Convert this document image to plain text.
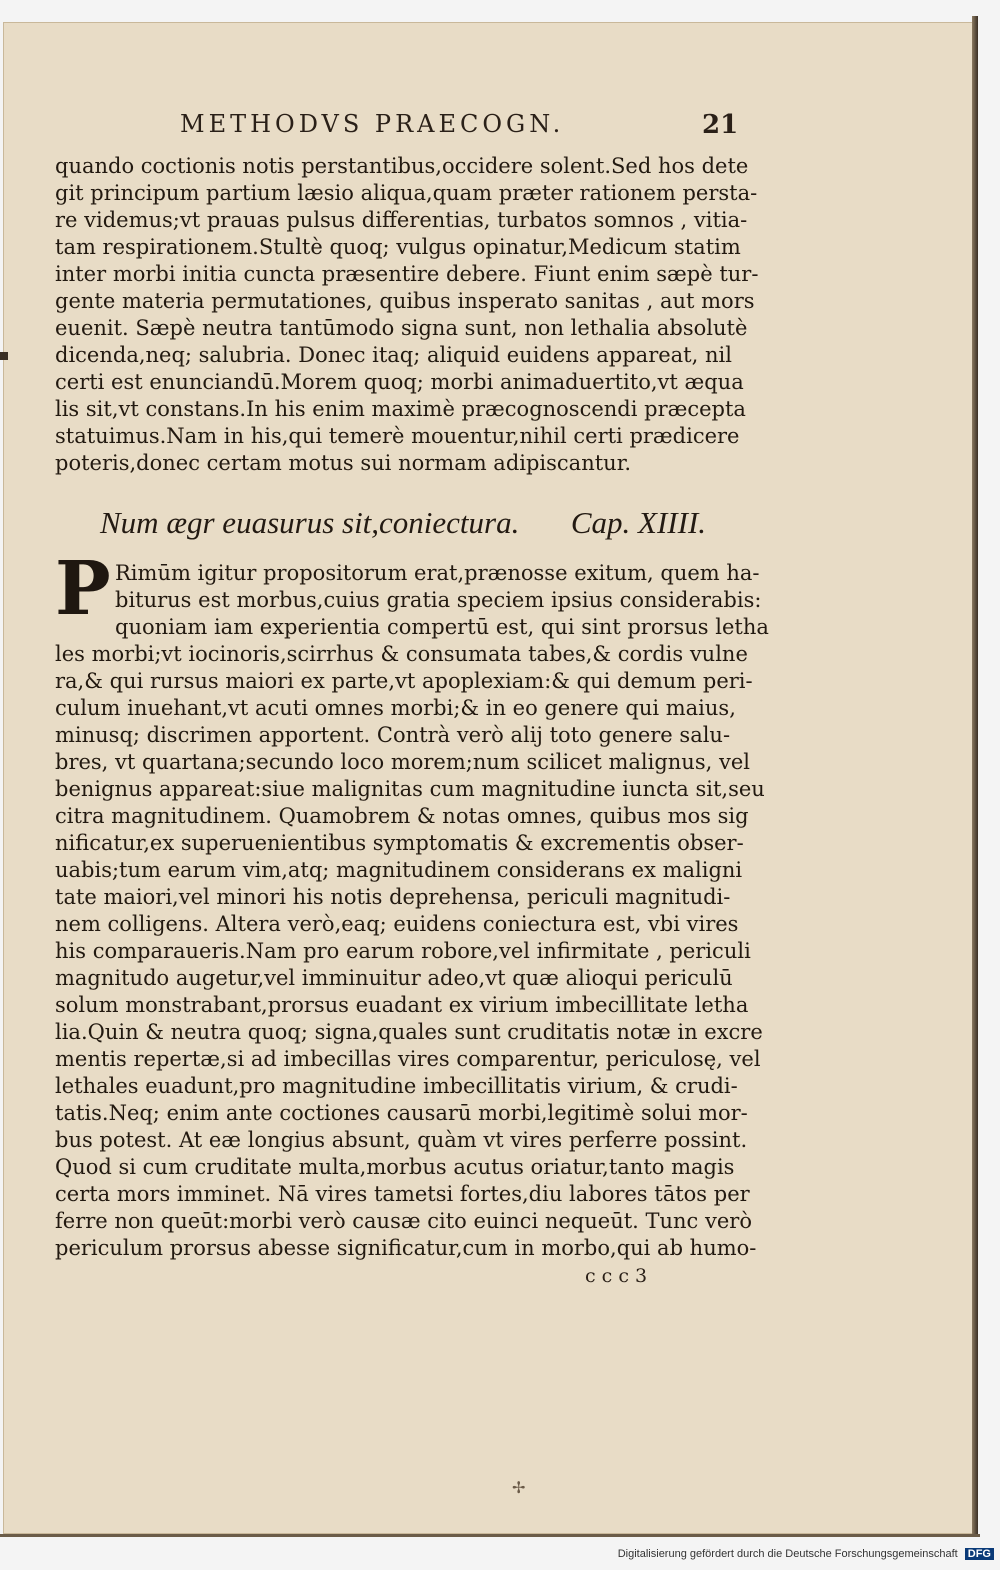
METHODVS PRAECOGN.	21
quando coctionis notis perstantibus,occidere solent.Sed hos dete
git principum partium læsio aliqua,quam præter rationem persta-
re videmus;vt prauas pulsus differentias, turbatos somnos , vitia-
tam respirationem.Stultè quoq; vulgus opinatur,Medicum statim
inter morbi initia cuncta præsentire debere. Fiunt enim sæpè tur-
gente materia permutationes, quibus insperato sanitas , aut mors
euenit. Sæpè neutra tantūmodo signa sunt, non lethalia absolutè
dicenda,neq; salubria. Donec itaq; aliquid euidens appareat, nil
certi est enunciandū.Morem quoq; morbi animaduertito,vt æqua
lis sit,vt constans.In his enim maximè præcognoscendi præcepta
statuimus.Nam in his,qui temerè mouentur,nihil certi prædicere
poteris,donec certam motus sui normam adipiscantur.
Num ægr euasurus sit,coniectura. Cap. XIIII.
P Rimūm igitur propositorum erat,prænosse exitum, quem ha-
biturus est morbus,cuius gratia speciem ipsius considerabis:
quoniam iam experientia compertū est, qui sint prorsus letha
les morbi;vt iocinoris,scirrhus & consumata tabes,& cordis vulne
ra,& qui rursus maiori ex parte,vt apoplexiam:& qui demum peri-
culum inuehant,vt acuti omnes morbi;& in eo genere qui maius,
minusq; discrimen apportent. Contrà verò alij toto genere salu-
bres, vt quartana;secundo loco morem;num scilicet malignus, vel
benignus appareat:siue malignitas cum magnitudine iuncta sit,seu
citra magnitudinem. Quamobrem & notas omnes, quibus mos sig
nificatur,ex superuenientibus symptomatis & excrementis obser-
uabis;tum earum vim,atq; magnitudinem considerans ex maligni
tate maiori,vel minori his notis deprehensa, periculi magnitudi-
nem colligens. Altera verò,eaq; euidens coniectura est, vbi vires
his comparaueris.Nam pro earum robore,vel infirmitate , periculi
magnitudo augetur,vel imminuitur adeo,vt quæ alioqui periculū
solum monstrabant,prorsus euadant ex virium imbecillitate letha
lia.Quin & neutra quoq; signa,quales sunt cruditatis notæ in excre
mentis repertæ,si ad imbecillas vires comparentur, periculosę, vel
lethales euadunt,pro magnitudine imbecillitatis virium, & crudi-
tatis.Neq; enim ante coctiones causarū morbi,legitimè solui mor-
bus potest. At eæ longius absunt, quàm vt vires perferre possint.
Quod si cum cruditate multa,morbus acutus oriatur,tanto magis
certa mors imminet. Nā vires tametsi fortes,diu labores tātos per
ferre non queūt:morbi verò causæ cito euinci nequeūt. Tunc verò
periculum prorsus abesse significatur,cum in morbo,qui ab humo-
c c c 3
✢
Digitalisierung gefördert durch die Deutsche Forschungsgemeinschaft DFG
